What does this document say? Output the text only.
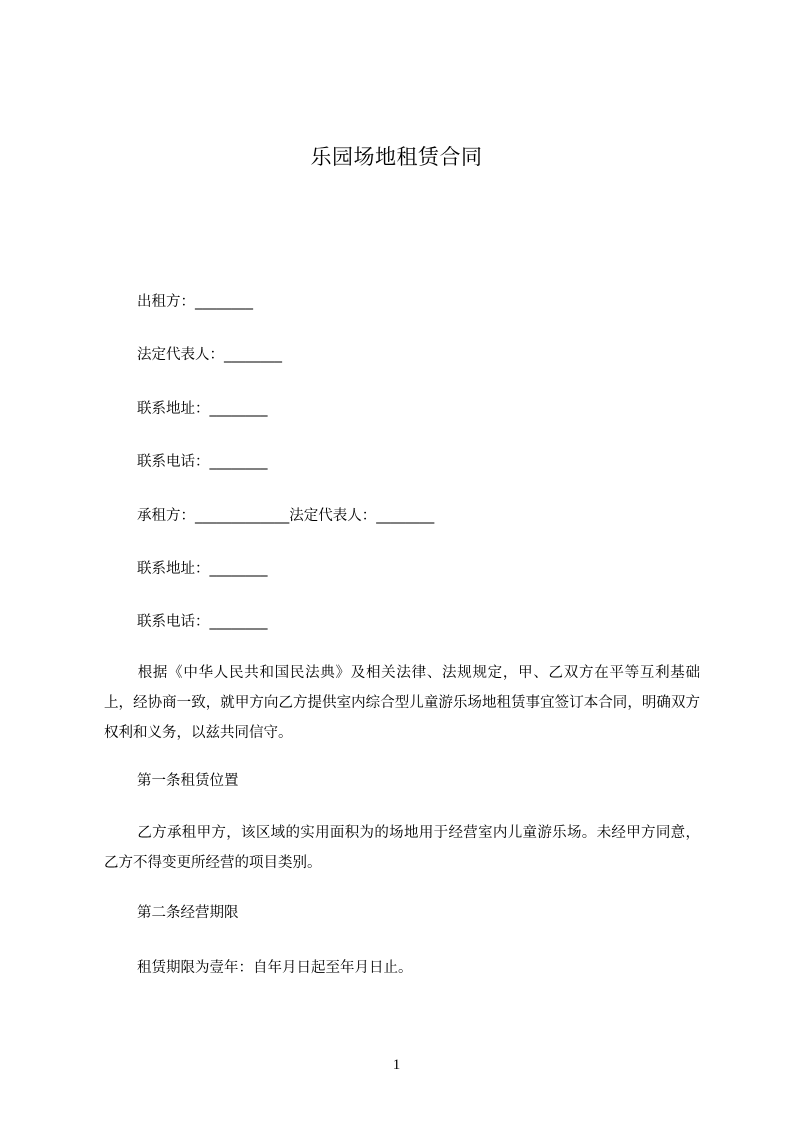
乐园场地租赁合同
出租方：________
法定代表人：________
联系地址：________
联系电话：________
承租方：_____________法定代表人：________
联系地址：________
联系电话：________
根据《中华人民共和国民法典》及相关法律、法规规定，甲、乙双方在平等互利基础上，经协商一致，就甲方向乙方提供室内综合型儿童游乐场地租赁事宜签订本合同，明确双方权利和义务，以兹共同信守。
第一条租赁位置
乙方承租甲方，该区域的实用面积为的场地用于经营室内儿童游乐场。未经甲方同意，乙方不得变更所经营的项目类别。
第二条经营期限
租赁期限为壹年：自年月日起至年月日止。
1
